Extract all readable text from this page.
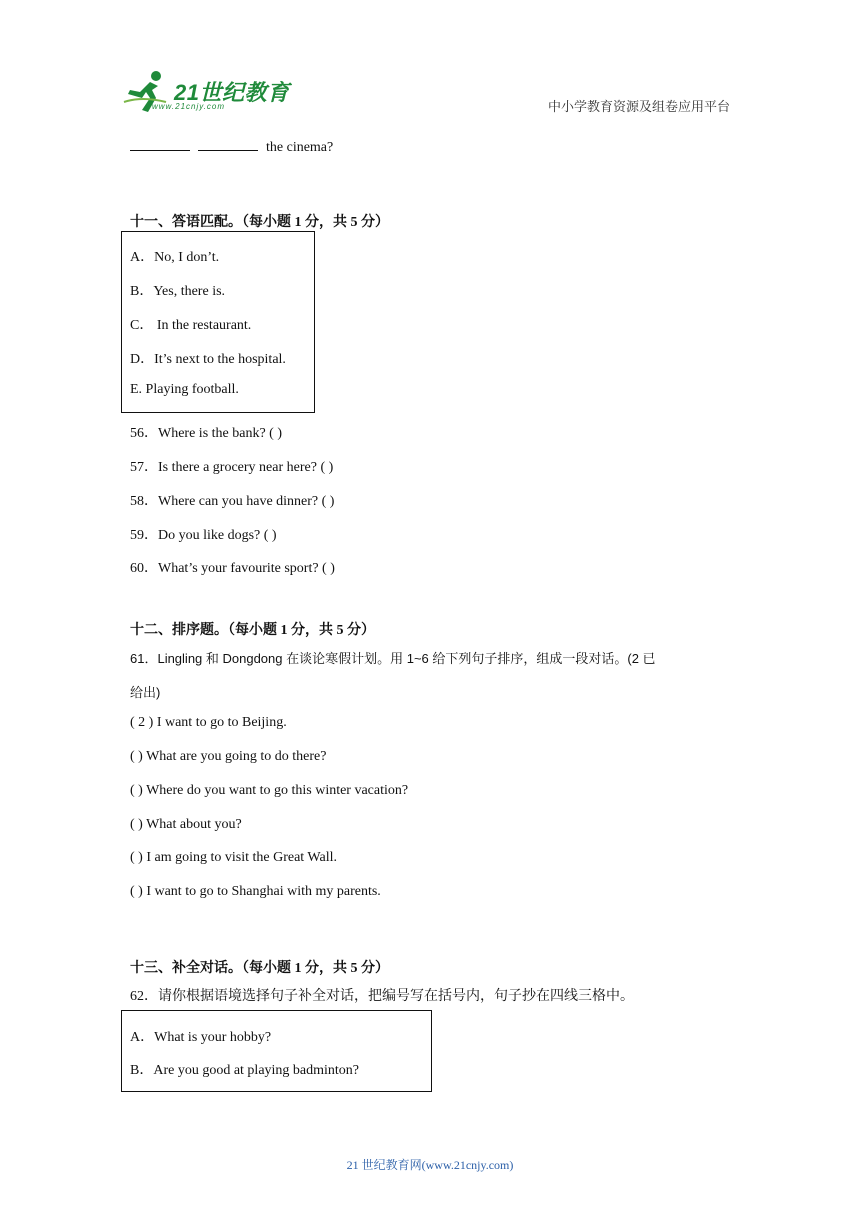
21世纪教育
www.21cnjy.com	中小学教育资源及组卷应用平台
the cinema?
十一、答语匹配。（每小题 1 分，共 5 分）
A．No, I don’t.
B．Yes, there is.
C． In the restaurant.
D．It’s next to the hospital.
E. Playing football.
56．Where is the bank? ( )
57．Is there a grocery near here? ( )
58．Where can you have dinner? ( )
59．Do you like dogs? ( )
60．What’s your favourite sport? ( )
十二、排序题。（每小题 1 分，共 5 分）
61．Lingling 和 Dongdong 在谈论寒假计划。用 1~6 给下列句子排序，组成一段对话。(2 已
给出)
( 2 ) I want to go to Beijing.
( ) What are you going to do there?
( ) Where do you want to go this winter vacation?
( ) What about you?
( ) I am going to visit the Great Wall.
( ) I want to go to Shanghai with my parents.
十三、补全对话。（每小题 1 分，共 5 分）
62．请你根据语境选择句子补全对话，把编号写在括号内，句子抄在四线三格中。
A．What is your hobby?
B．Are you good at playing badminton?
21 世纪教育网(www.21cnjy.com)
